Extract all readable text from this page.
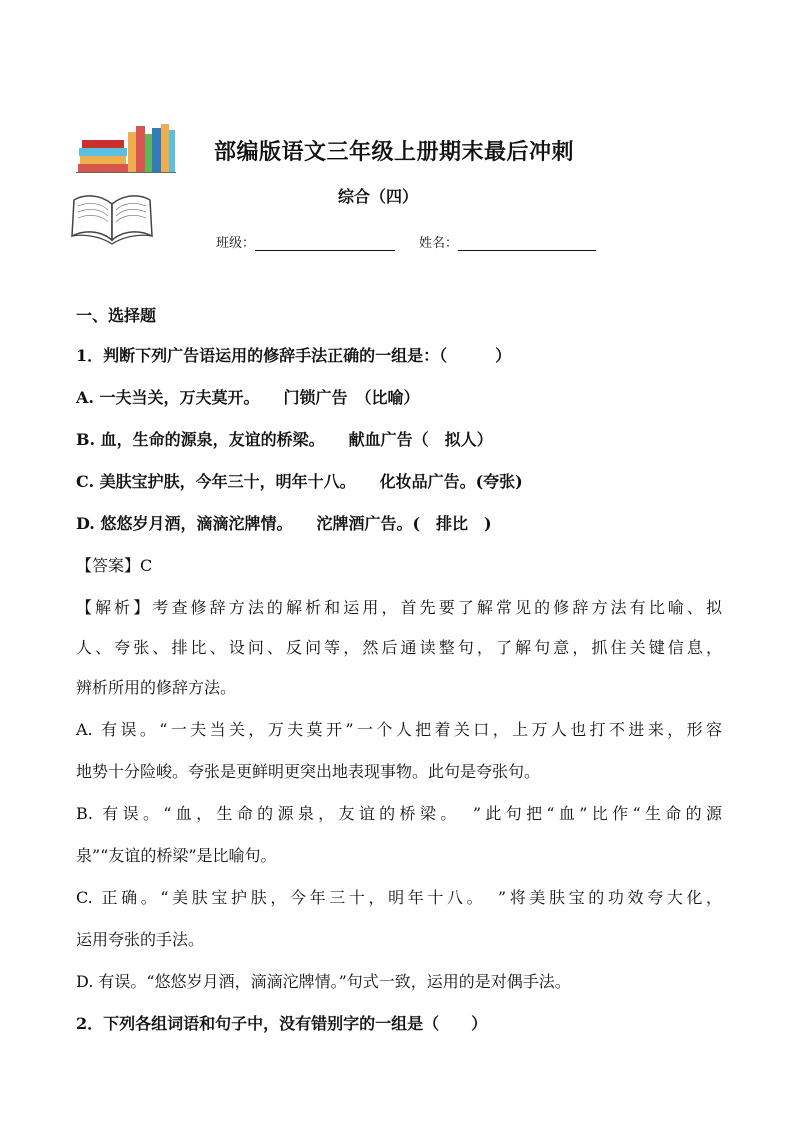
部编版语文三年级上册期末最后冲刺
综合（四）
班级：	姓名：
一、选择题
1．判断下列广告语运用的修辞手法正确的一组是：（　　　）
A. 一夫当关，万夫莫开。　　门锁广告　（比喻）
B. 血，生命的源泉，友谊的桥梁。　　献血广告（　拟人）
C. 美肤宝护肤，今年三十，明年十八。　　化妆品广告。(夸张)
D. 悠悠岁月酒，滴滴沱牌情。　　沱牌酒广告。(　排比　)
【答案】C
【解析】考查修辞方法的解析和运用，首先要了解常见的修辞方法有比喻、拟
人、夸张、排比、设问、反问等，然后通读整句，了解句意，抓住关键信息，
辨析所用的修辞方法。
A. 有误。“一夫当关，万夫莫开”一个人把着关口，上万人也打不进来，形容
地势十分险峻。夸张是更鲜明更突出地表现事物。此句是夸张句。
B. 有误。“血，生命的源泉，友谊的桥梁。　”此句把“血”比作“生命的源
泉”“友谊的桥梁”是比喻句。
C. 正确。“美肤宝护肤，今年三十，明年十八。　”将美肤宝的功效夸大化，
运用夸张的手法。
D. 有误。“悠悠岁月酒，滴滴沱牌情。”句式一致，运用的是对偶手法。
2．下列各组词语和句子中，没有错别字的一组是（　　）
